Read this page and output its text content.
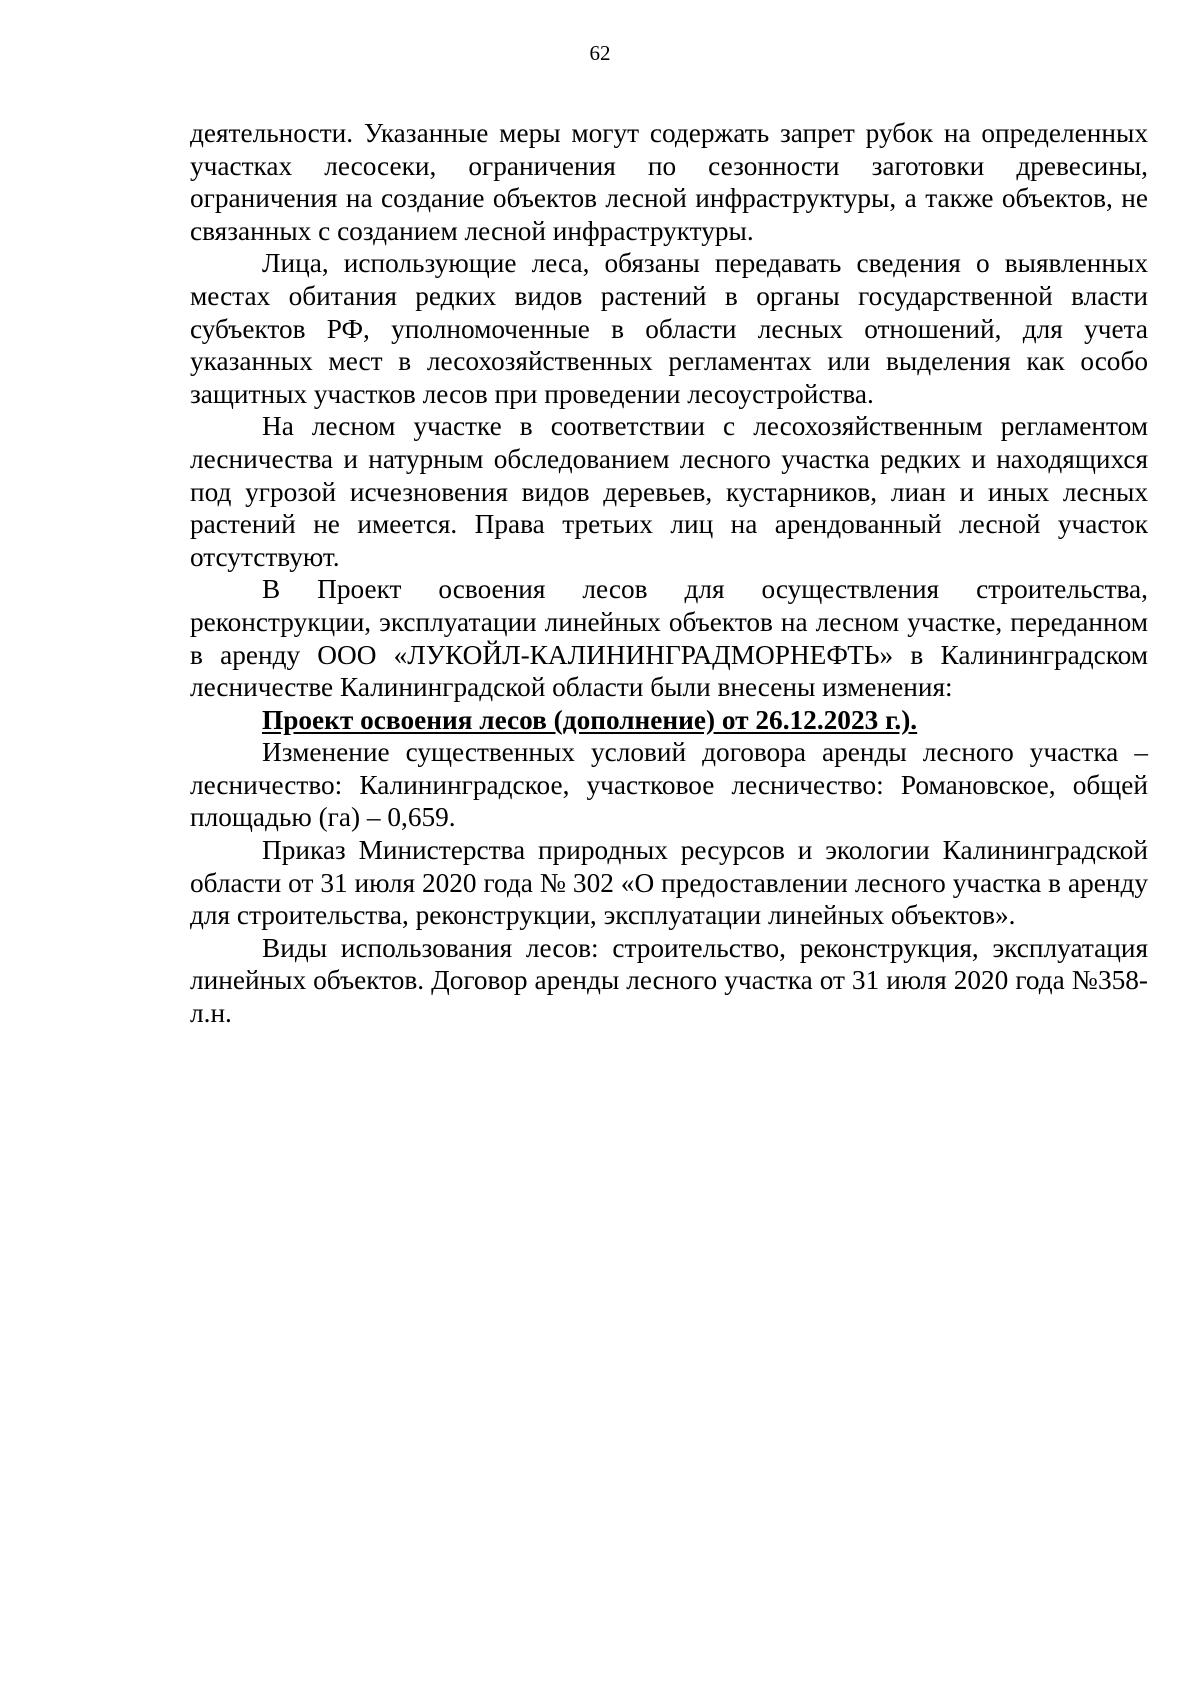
62

деятельности. Указанные меры могут содержать запрет рубок на определенных участках лесосеки, ограничения по сезонности заготовки древесины, ограничения на создание объектов лесной инфраструктуры, а также объектов, не связанных с созданием лесной инфраструктуры.

Лица, использующие леса, обязаны передавать сведения о выявленных местах обитания редких видов растений в органы государственной власти субъектов РФ, уполномоченные в области лесных отношений, для учета указанных мест в лесохозяйственных регламентах или выделения как особо защитных участков лесов при проведении лесоустройства.

На лесном участке в соответствии с лесохозяйственным регламентом лесничества и натурным обследованием лесного участка редких и находящихся под угрозой исчезновения видов деревьев, кустарников, лиан и иных лесных растений не имеется. Права третьих лиц на арендованный лесной участок отсутствуют.

В Проект освоения лесов для осуществления строительства, реконструкции, эксплуатации линейных объектов на лесном участке, переданном в аренду ООО «ЛУКОЙЛ-КАЛИНИНГРАДМОРНЕФТЬ» в Калининградском лесничестве Калининградской области были внесены изменения:

Проект освоения лесов (дополнение) от 26.12.2023 г.).

Изменение существенных условий договора аренды лесного участка – лесничество: Калининградское, участковое лесничество: Романовское, общей площадью (га) – 0,659.

Приказ Министерства природных ресурсов и экологии Калининградской области от 31 июля 2020 года № 302 «О предоставлении лесного участка в аренду для строительства, реконструкции, эксплуатации линейных объектов».

Виды использования лесов: строительство, реконструкция, эксплуатация линейных объектов. Договор аренды лесного участка от 31 июля 2020 года №358-л.н.
